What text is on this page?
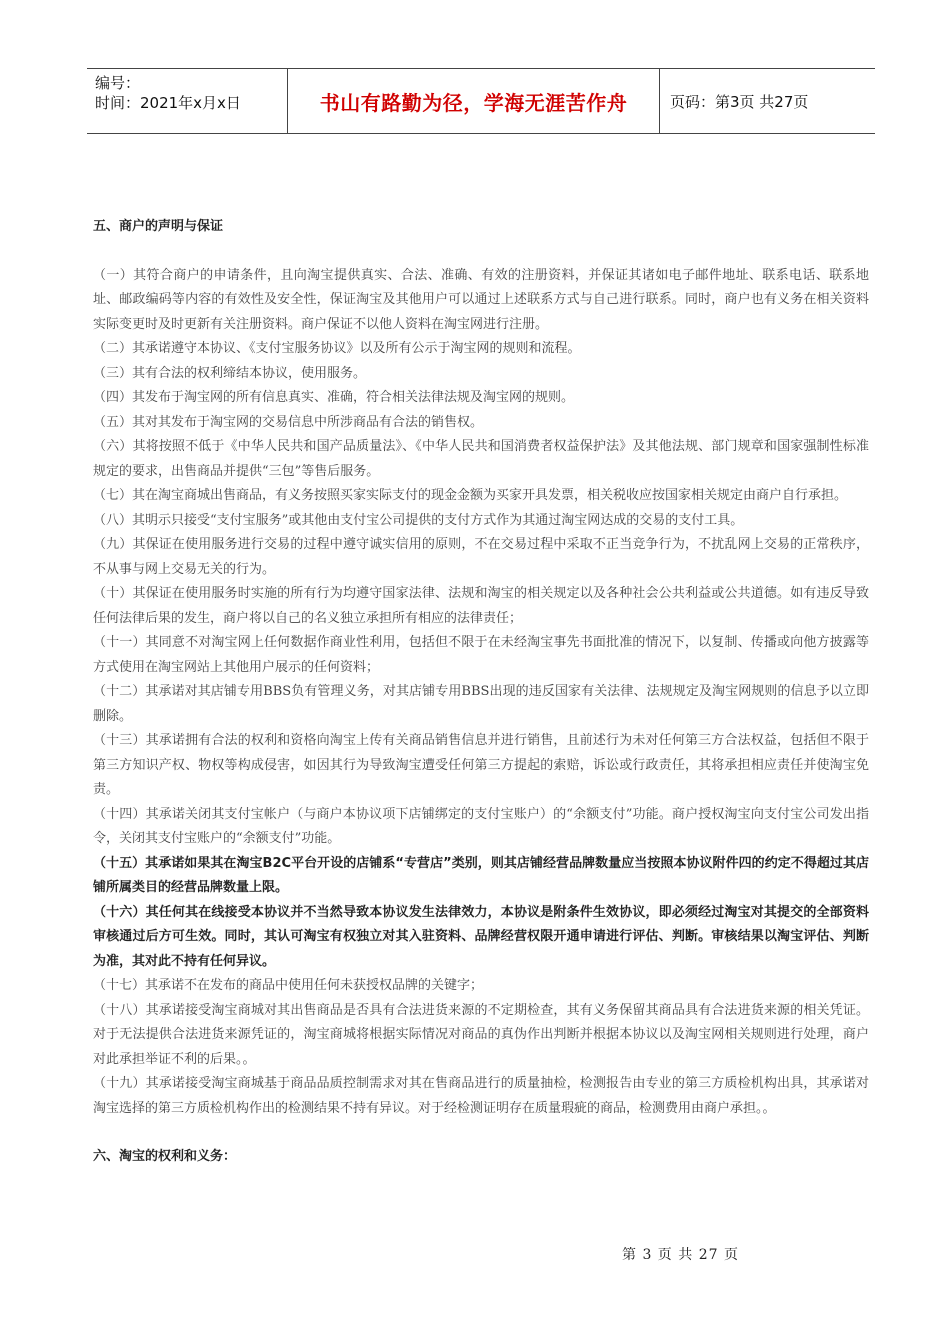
编号：
时间：2021年x月x日	书山有路勤为径，学海无涯苦作舟	页码：第3页 共27页

五、商户的声明与保证

（一）其符合商户的申请条件，且向淘宝提供真实、合法、准确、有效的注册资料，并保证其诸如电子邮件地址、联系电话、联系地址、邮政编码等内容的有效性及安全性，保证淘宝及其他用户可以通过上述联系方式与自己进行联系。同时，商户也有义务在相关资料实际变更时及时更新有关注册资料。商户保证不以他人资料在淘宝网进行注册。

（二）其承诺遵守本协议、《支付宝服务协议》以及所有公示于淘宝网的规则和流程。

（三）其有合法的权利缔结本协议，使用服务。

（四）其发布于淘宝网的所有信息真实、准确，符合相关法律法规及淘宝网的规则。

（五）其对其发布于淘宝网的交易信息中所涉商品有合法的销售权。

（六）其将按照不低于《中华人民共和国产品质量法》、《中华人民共和国消费者权益保护法》及其他法规、部门规章和国家强制性标准规定的要求，出售商品并提供“三包”等售后服务。

（七）其在淘宝商城出售商品，有义务按照买家实际支付的现金金额为买家开具发票，相关税收应按国家相关规定由商户自行承担。

（八）其明示只接受“支付宝服务”或其他由支付宝公司提供的支付方式作为其通过淘宝网达成的交易的支付工具。

（九）其保证在使用服务进行交易的过程中遵守诚实信用的原则，不在交易过程中采取不正当竞争行为，不扰乱网上交易的正常秩序，不从事与网上交易无关的行为。

（十）其保证在使用服务时实施的所有行为均遵守国家法律、法规和淘宝的相关规定以及各种社会公共利益或公共道德。如有违反导致任何法律后果的发生，商户将以自己的名义独立承担所有相应的法律责任；

（十一）其同意不对淘宝网上任何数据作商业性利用，包括但不限于在未经淘宝事先书面批准的情况下，以复制、传播或向他方披露等方式使用在淘宝网站上其他用户展示的任何资料；

（十二）其承诺对其店铺专用BBS负有管理义务，对其店铺专用BBS出现的违反国家有关法律、法规规定及淘宝网规则的信息予以立即删除。

（十三）其承诺拥有合法的权利和资格向淘宝上传有关商品销售信息并进行销售，且前述行为未对任何第三方合法权益，包括但不限于第三方知识产权、物权等构成侵害，如因其行为导致淘宝遭受任何第三方提起的索赔，诉讼或行政责任，其将承担相应责任并使淘宝免责。

（十四）其承诺关闭其支付宝帐户（与商户本协议项下店铺绑定的支付宝账户）的“余额支付”功能。商户授权淘宝向支付宝公司发出指令，关闭其支付宝账户的“余额支付”功能。

（十五）其承诺如果其在淘宝B2C平台开设的店铺系“专营店”类别，则其店铺经营品牌数量应当按照本协议附件四的约定不得超过其店铺所属类目的经营品牌数量上限。

（十六）其任何其在线接受本协议并不当然导致本协议发生法律效力，本协议是附条件生效协议，即必须经过淘宝对其提交的全部资料审核通过后方可生效。同时，其认可淘宝有权独立对其入驻资料、品牌经营权限开通申请进行评估、判断。审核结果以淘宝评估、判断为准，其对此不持有任何异议。

（十七）其承诺不在发布的商品中使用任何未获授权品牌的关键字；

（十八）其承诺接受淘宝商城对其出售商品是否具有合法进货来源的不定期检查，其有义务保留其商品具有合法进货来源的相关凭证。对于无法提供合法进货来源凭证的，淘宝商城将根据实际情况对商品的真伪作出判断并根据本协议以及淘宝网相关规则进行处理，商户对此承担举证不利的后果。。

（十九）其承诺接受淘宝商城基于商品品质控制需求对其在售商品进行的质量抽检，检测报告由专业的第三方质检机构出具，其承诺对淘宝选择的第三方质检机构作出的检测结果不持有异议。对于经检测证明存在质量瑕疵的商品，检测费用由商户承担。。

六、淘宝的权利和义务：

第 3 页 共 27 页
